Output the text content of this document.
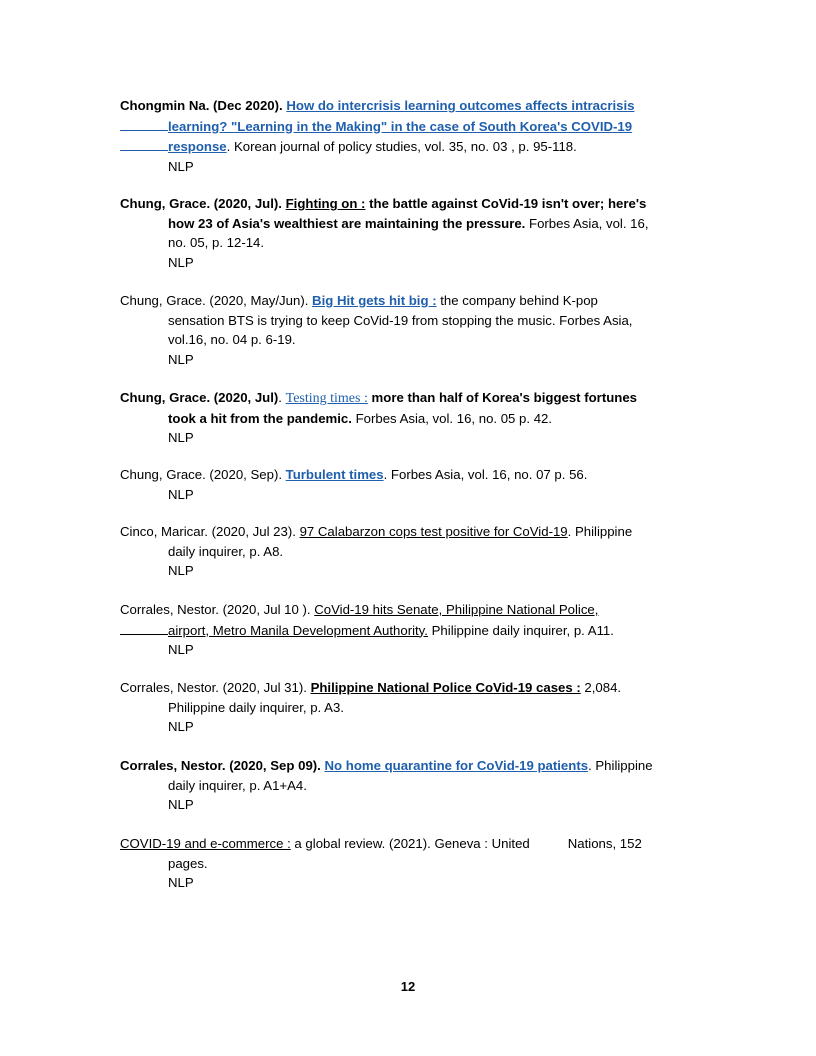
Chongmin Na. (Dec 2020). How do intercrisis learning outcomes affects intracrisis
learning? "Learning in the Making" in the case of South Korea's COVID-19
response. Korean journal of policy studies, vol. 35, no. 03 , p. 95-118.
NLP
Chung, Grace. (2020, Jul). Fighting on : the battle against CoVid-19 isn't over; here's
how 23 of Asia's wealthiest are maintaining the pressure. Forbes Asia, vol. 16,
no. 05, p. 12-14.
NLP
Chung, Grace. (2020, May/Jun). Big Hit gets hit big : the company behind K-pop
sensation BTS is trying to keep CoVid-19 from stopping the music. Forbes Asia,
vol.16, no. 04 p. 6-19.
NLP
Chung, Grace. (2020, Jul). Testing times : more than half of Korea's biggest fortunes
took a hit from the pandemic. Forbes Asia, vol. 16, no. 05 p. 42.
NLP
Chung, Grace. (2020, Sep). Turbulent times. Forbes Asia, vol. 16, no. 07 p. 56.
NLP
Cinco, Maricar. (2020, Jul 23). 97 Calabarzon cops test positive for CoVid-19. Philippine
daily inquirer, p. A8.
NLP
Corrales, Nestor. (2020, Jul 10 ). CoVid-19 hits Senate, Philippine National Police,
airport, Metro Manila Development Authority. Philippine daily inquirer, p. A11.
NLP
Corrales, Nestor. (2020, Jul 31). Philippine National Police CoVid-19 cases : 2,084.
Philippine daily inquirer, p. A3.
NLP
Corrales, Nestor. (2020, Sep 09). No home quarantine for CoVid-19 patients. Philippine
daily inquirer, p. A1+A4.
NLP
COVID-19 and e-commerce : a global review. (2021). Geneva : United	Nations, 152
pages.
NLP
12
